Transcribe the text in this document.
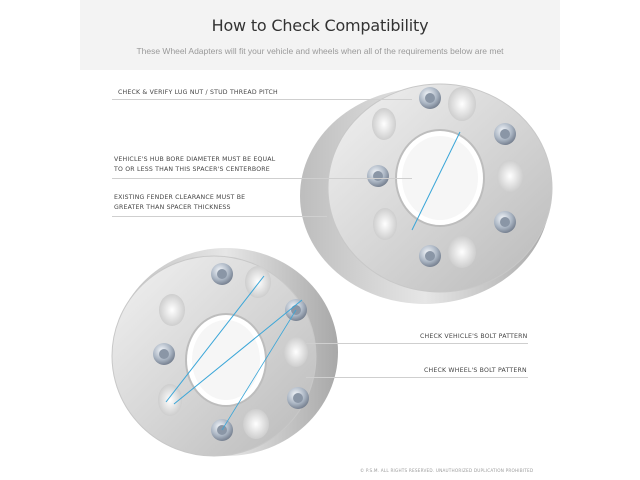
How to Check Compatibility
These Wheel Adapters will fit your vehicle and wheels when all of the requirements below are met
CHECK & VERIFY LUG NUT / STUD THREAD PITCH
VEHICLE'S HUB BORE DIAMETER MUST BE EQUAL
TO OR LESS THAN THIS SPACER'S CENTERBORE
EXISTING FENDER CLEARANCE MUST BE
GREATER THAN SPACER THICKNESS
CHECK VEHICLE'S BOLT PATTERN
CHECK WHEEL'S BOLT PATTERN
© P.S.M. ALL RIGHTS RESERVED. UNAUTHORIZED DUPLICATION PROHIBITED
